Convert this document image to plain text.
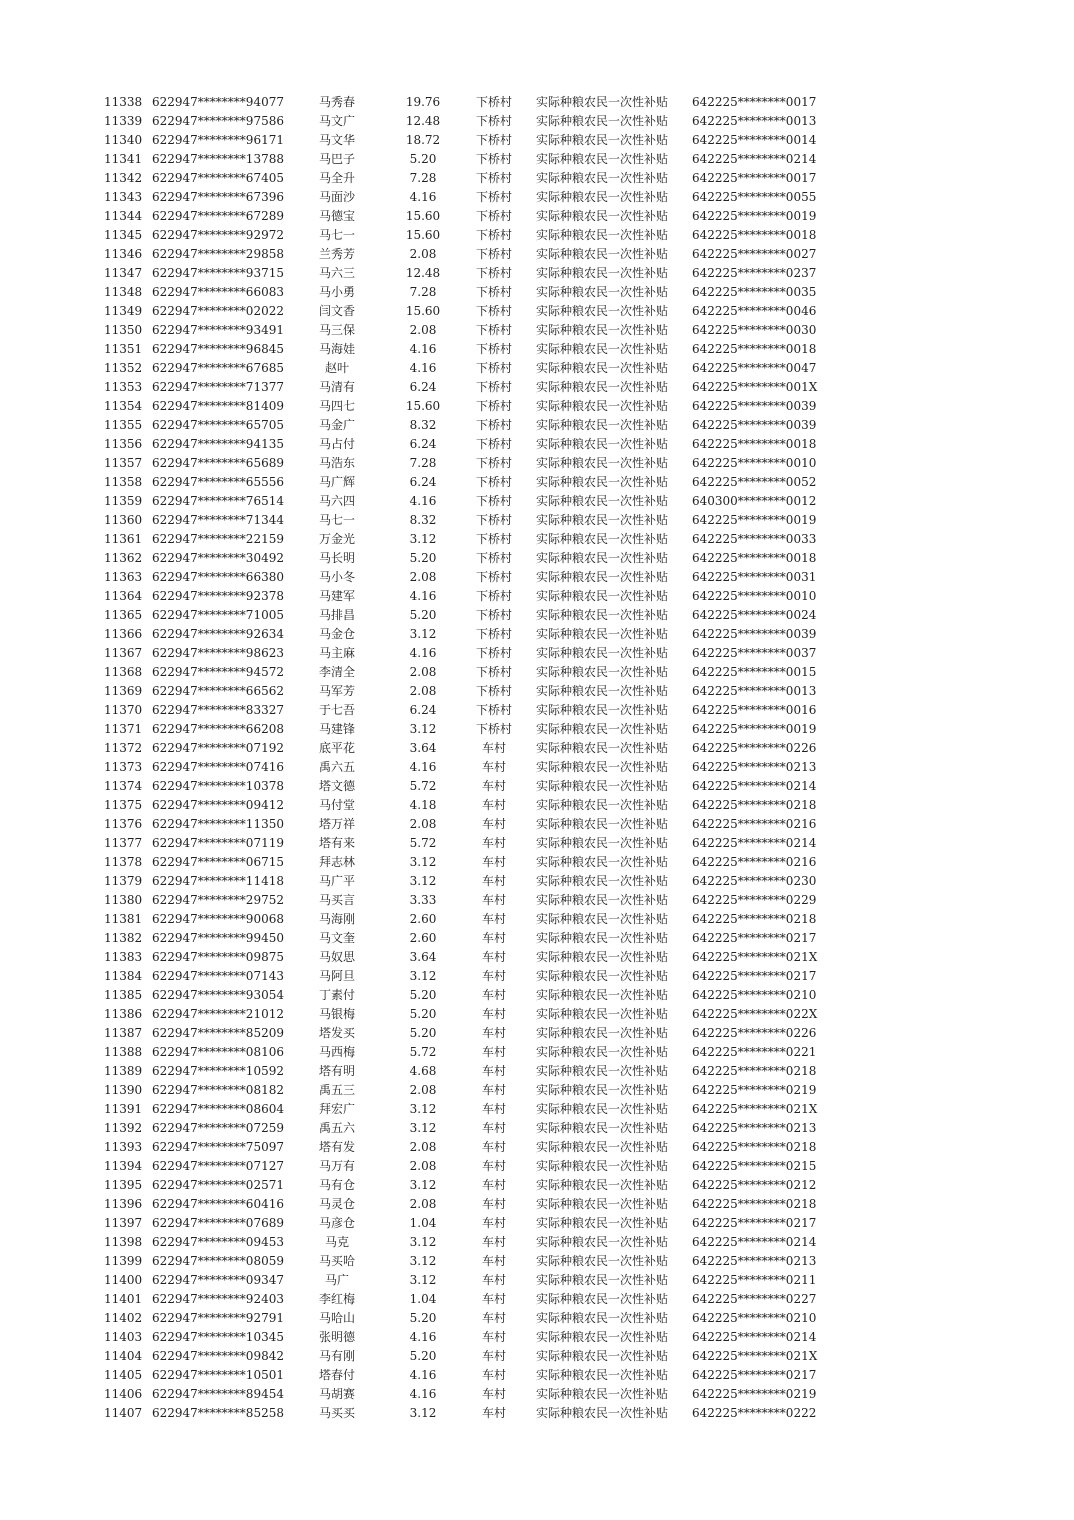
11338 622947********94077	马秀春	19.76	下桥村	实际种粮农民一次性补贴 642225********0017
11339 622947********97586	马文广	12.48	下桥村	实际种粮农民一次性补贴 642225********0013
11340 622947********96171	马文华	18.72	下桥村	实际种粮农民一次性补贴 642225********0014
11341 622947********13788	马巴子	5.20	下桥村	实际种粮农民一次性补贴 642225********0214
11342 622947********67405	马全升	7.28	下桥村	实际种粮农民一次性补贴 642225********0017
11343 622947********67396	马面沙	4.16	下桥村	实际种粮农民一次性补贴 642225********0055
11344 622947********67289	马德宝	15.60	下桥村	实际种粮农民一次性补贴 642225********0019
11345 622947********92972	马七一	15.60	下桥村	实际种粮农民一次性补贴 642225********0018
11346 622947********29858	兰秀芳	2.08	下桥村	实际种粮农民一次性补贴 642225********0027
11347 622947********93715	马六三	12.48	下桥村	实际种粮农民一次性补贴 642225********0237
11348 622947********66083	马小勇	7.28	下桥村	实际种粮农民一次性补贴 642225********0035
11349 622947********02022	闫文香	15.60	下桥村	实际种粮农民一次性补贴 642225********0046
11350 622947********93491	马三保	2.08	下桥村	实际种粮农民一次性补贴 642225********0030
11351 622947********96845	马海娃	4.16	下桥村	实际种粮农民一次性补贴 642225********0018
11352 622947********67685	赵叶	4.16	下桥村	实际种粮农民一次性补贴 642225********0047
11353 622947********71377	马清有	6.24	下桥村	实际种粮农民一次性补贴 642225********001X
11354 622947********81409	马四七	15.60	下桥村	实际种粮农民一次性补贴 642225********0039
11355 622947********65705	马金广	8.32	下桥村	实际种粮农民一次性补贴 642225********0039
11356 622947********94135	马占付	6.24	下桥村	实际种粮农民一次性补贴 642225********0018
11357 622947********65689	马浩东	7.28	下桥村	实际种粮农民一次性补贴 642225********0010
11358 622947********65556	马广辉	6.24	下桥村	实际种粮农民一次性补贴 642225********0052
11359 622947********76514	马六四	4.16	下桥村	实际种粮农民一次性补贴 640300********0012
11360 622947********71344	马七一	8.32	下桥村	实际种粮农民一次性补贴 642225********0019
11361 622947********22159	万金光	3.12	下桥村	实际种粮农民一次性补贴 642225********0033
11362 622947********30492	马长明	5.20	下桥村	实际种粮农民一次性补贴 642225********0018
11363 622947********66380	马小冬	2.08	下桥村	实际种粮农民一次性补贴 642225********0031
11364 622947********92378	马建军	4.16	下桥村	实际种粮农民一次性补贴 642225********0010
11365 622947********71005	马排昌	5.20	下桥村	实际种粮农民一次性补贴 642225********0024
11366 622947********92634	马金仓	3.12	下桥村	实际种粮农民一次性补贴 642225********0039
11367 622947********98623	马主麻	4.16	下桥村	实际种粮农民一次性补贴 642225********0037
11368 622947********94572	李清全	2.08	下桥村	实际种粮农民一次性补贴 642225********0015
11369 622947********66562	马军芳	2.08	下桥村	实际种粮农民一次性补贴 642225********0013
11370 622947********83327	于七吾	6.24	下桥村	实际种粮农民一次性补贴 642225********0016
11371 622947********66208	马建锋	3.12	下桥村	实际种粮农民一次性补贴 642225********0019
11372 622947********07192	底平花	3.64	车村	实际种粮农民一次性补贴 642225********0226
11373 622947********07416	禹六五	4.16	车村	实际种粮农民一次性补贴 642225********0213
11374 622947********10378	塔文德	5.72	车村	实际种粮农民一次性补贴 642225********0214
11375 622947********09412	马付堂	4.18	车村	实际种粮农民一次性补贴 642225********0218
11376 622947********11350	塔万祥	2.08	车村	实际种粮农民一次性补贴 642225********0216
11377 622947********07119	塔有来	5.72	车村	实际种粮农民一次性补贴 642225********0214
11378 622947********06715	拜志林	3.12	车村	实际种粮农民一次性补贴 642225********0216
11379 622947********11418	马广平	3.12	车村	实际种粮农民一次性补贴 642225********0230
11380 622947********29752	马买言	3.33	车村	实际种粮农民一次性补贴 642225********0229
11381 622947********90068	马海刚	2.60	车村	实际种粮农民一次性补贴 642225********0218
11382 622947********99450	马文奎	2.60	车村	实际种粮农民一次性补贴 642225********0217
11383 622947********09875	马奴思	3.64	车村	实际种粮农民一次性补贴 642225********021X
11384 622947********07143	马阿旦	3.12	车村	实际种粮农民一次性补贴 642225********0217
11385 622947********93054	丁素付	5.20	车村	实际种粮农民一次性补贴 642225********0210
11386 622947********21012	马银梅	5.20	车村	实际种粮农民一次性补贴 642225********022X
11387 622947********85209	塔发买	5.20	车村	实际种粮农民一次性补贴 642225********0226
11388 622947********08106	马西梅	5.72	车村	实际种粮农民一次性补贴 642225********0221
11389 622947********10592	塔有明	4.68	车村	实际种粮农民一次性补贴 642225********0218
11390 622947********08182	禹五三	2.08	车村	实际种粮农民一次性补贴 642225********0219
11391 622947********08604	拜宏广	3.12	车村	实际种粮农民一次性补贴 642225********021X
11392 622947********07259	禹五六	3.12	车村	实际种粮农民一次性补贴 642225********0213
11393 622947********75097	塔有发	2.08	车村	实际种粮农民一次性补贴 642225********0218
11394 622947********07127	马万有	2.08	车村	实际种粮农民一次性补贴 642225********0215
11395 622947********02571	马有仓	3.12	车村	实际种粮农民一次性补贴 642225********0212
11396 622947********60416	马灵仓	2.08	车村	实际种粮农民一次性补贴 642225********0218
11397 622947********07689	马彦仓	1.04	车村	实际种粮农民一次性补贴 642225********0217
11398 622947********09453	马克	3.12	车村	实际种粮农民一次性补贴 642225********0214
11399 622947********08059	马买哈	3.12	车村	实际种粮农民一次性补贴 642225********0213
11400 622947********09347	马广	3.12	车村	实际种粮农民一次性补贴 642225********0211
11401 622947********92403	李红梅	1.04	车村	实际种粮农民一次性补贴 642225********0227
11402 622947********92791	马哈山	5.20	车村	实际种粮农民一次性补贴 642225********0210
11403 622947********10345	张明德	4.16	车村	实际种粮农民一次性补贴 642225********0214
11404 622947********09842	马有刚	5.20	车村	实际种粮农民一次性补贴 642225********021X
11405 622947********10501	塔春付	4.16	车村	实际种粮农民一次性补贴 642225********0217
11406 622947********89454	马胡赛	4.16	车村	实际种粮农民一次性补贴 642225********0219
11407 622947********85258	马买买	3.12	车村	实际种粮农民一次性补贴 642225********0222
